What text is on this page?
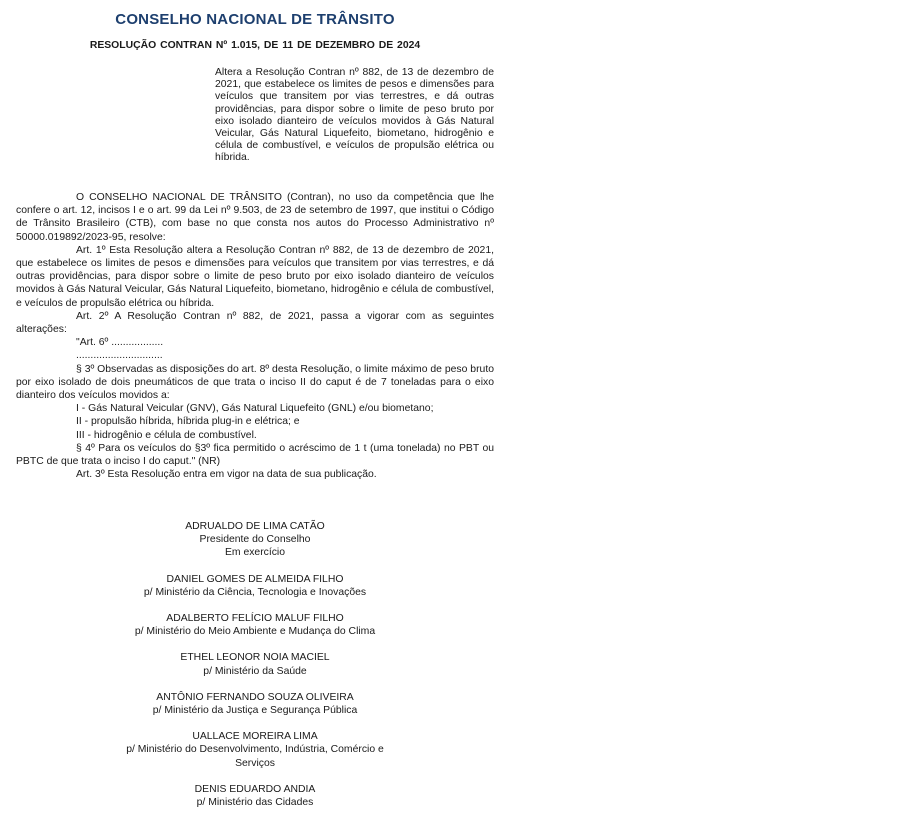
CONSELHO NACIONAL DE TRÂNSITO
RESOLUÇÃO CONTRAN Nº 1.015, DE 11 DE DEZEMBRO DE 2024
Altera a Resolução Contran nº 882, de 13 de dezembro de 2021, que estabelece os limites de pesos e dimensões para veículos que transitem por vias terrestres, e dá outras providências, para dispor sobre o limite de peso bruto por eixo isolado dianteiro de veículos movidos à Gás Natural Veicular, Gás Natural Liquefeito, biometano, hidrogênio e célula de combustível, e veículos de propulsão elétrica ou híbrida.

O CONSELHO NACIONAL DE TRÂNSITO (Contran), no uso da competência que lhe confere o art. 12, incisos I e o art. 99 da Lei nº 9.503, de 23 de setembro de 1997, que institui o Código de Trânsito Brasileiro (CTB), com base no que consta nos autos do Processo Administrativo nº 50000.019892/2023-95, resolve:

Art. 1º Esta Resolução altera a Resolução Contran nº 882, de 13 de dezembro de 2021, que estabelece os limites de pesos e dimensões para veículos que transitem por vias terrestres, e dá outras providências, para dispor sobre o limite de peso bruto por eixo isolado dianteiro de veículos movidos à Gás Natural Veicular, Gás Natural Liquefeito, biometano, hidrogênio e célula de combustível, e veículos de propulsão elétrica ou híbrida.

Art. 2º A Resolução Contran nº 882, de 2021, passa a vigorar com as seguintes alterações:

"Art. 6º ..................

..............................

§ 3º Observadas as disposições do art. 8º desta Resolução, o limite máximo de peso bruto por eixo isolado de dois pneumáticos de que trata o inciso II do caput é de 7 toneladas para o eixo dianteiro dos veículos movidos a:

I - Gás Natural Veicular (GNV), Gás Natural Liquefeito (GNL) e/ou biometano;

II - propulsão híbrida, híbrida plug-in e elétrica; e

III - hidrogênio e célula de combustível.

§ 4º Para os veículos do §3º fica permitido o acréscimo de 1 t (uma tonelada) no PBT ou PBTC de que trata o inciso I do caput." (NR)

Art. 3º Esta Resolução entra em vigor na data de sua publicação.

ADRUALDO DE LIMA CATÃO
Presidente do Conselho
Em exercício
DANIEL GOMES DE ALMEIDA FILHO
p/ Ministério da Ciência, Tecnologia e Inovações
ADALBERTO FELÍCIO MALUF FILHO
p/ Ministério do Meio Ambiente e Mudança do Clima
ETHEL LEONOR NOIA MACIEL
p/ Ministério da Saúde
ANTÔNIO FERNANDO SOUZA OLIVEIRA
p/ Ministério da Justiça e Segurança Pública
UALLACE MOREIRA LIMA
p/ Ministério do Desenvolvimento, Indústria, Comércio e
Serviços
DENIS EDUARDO ANDIA
p/ Ministério das Cidades
